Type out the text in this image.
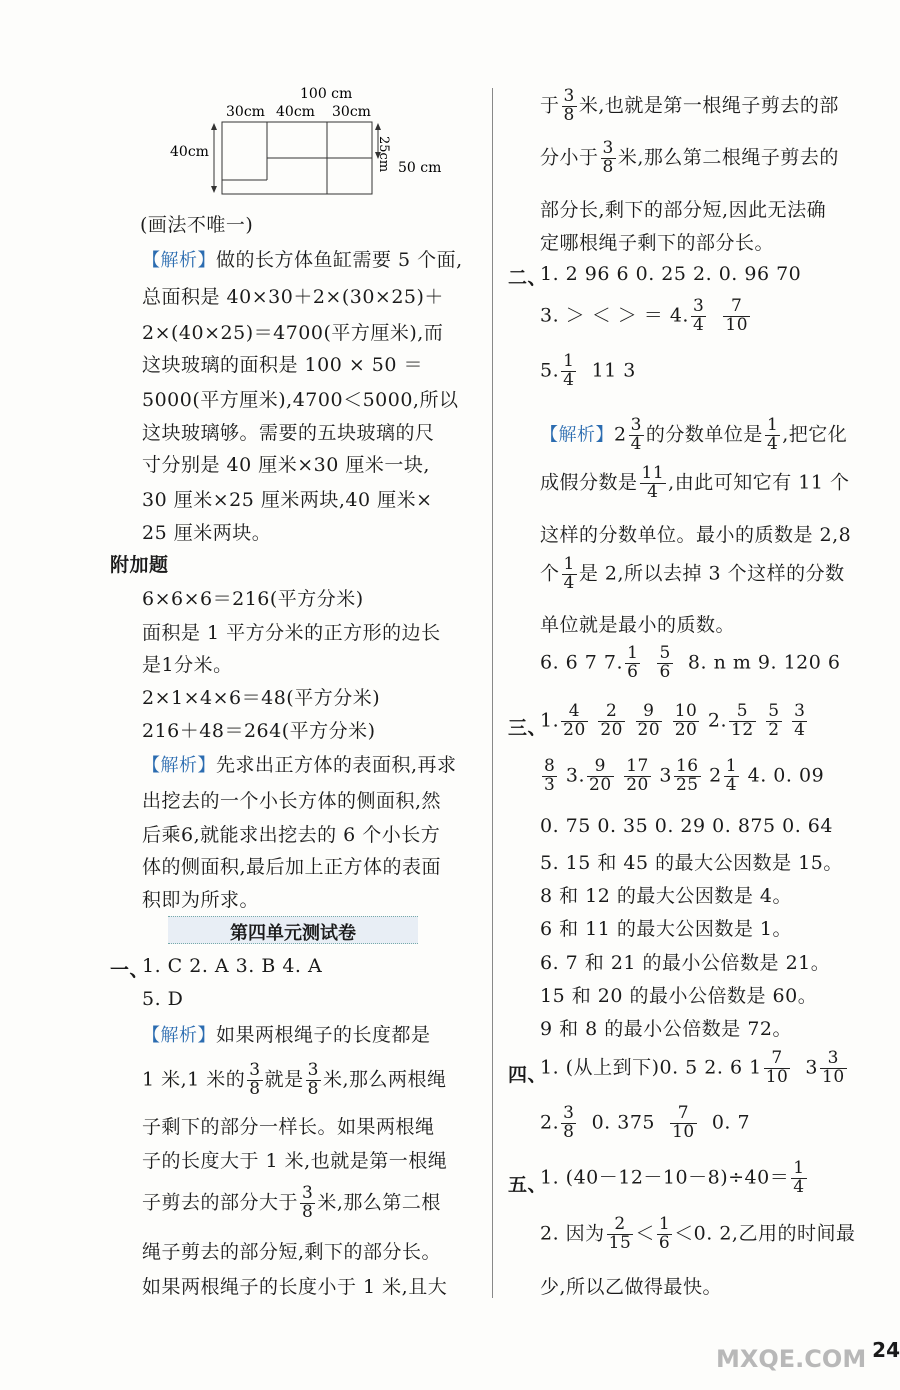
100 cm
30cm 40cm 30cm
40cm	25cm 50 cm
(画法不唯一)
【解析】做的长方体鱼缸需要 5 个面,
总面积是 40×30＋2×(30×25)＋
2×(40×25)＝4700(平方厘米),而
这块玻璃的面积是 100 × 50 ＝
5000(平方厘米),4700＜5000,所以
这块玻璃够。需要的五块玻璃的尺
寸分别是 40 厘米×30 厘米一块,
30 厘米×25 厘米两块,40 厘米×
25 厘米两块。
附加题
6×6×6＝216(平方分米)
面积是 1 平方分米的正方形的边长
是1分米。
2×1×4×6＝48(平方分米)
216＋48＝264(平方分米)
【解析】先求出正方体的表面积,再求
出挖去的一个小长方体的侧面积,然
后乘6,就能求出挖去的 6 个小长方
体的侧面积,最后加上正方体的表面
积即为所求。
第四单元测试卷
一、
1. C 2. A 3. B 4. A
5. D
【解析】如果两根绳子的长度都是
1 米,1 米的 $\frac{3}{8}$ 就是 $\frac{3}{8}$ 米,那么两根绳
子剩下的部分一样长。如果两根绳
子的长度大于 1 米,也就是第一根绳
子剪去的部分大于 $\frac{3}{8}$ 米,那么第二根
绳子剪去的部分短,剩下的部分长。
如果两根绳子的长度小于 1 米,且大
于 $\frac{3}{8}$ 米,也就是第一根绳子剪去的部
分小于 $\frac{3}{8}$ 米,那么第二根绳子剪去的
部分长,剩下的部分短,因此无法确
定哪根绳子剩下的部分长。
二、
1. 2 96 6 0. 25 2. 0. 96 70
3. ＞ ＜ ＞ ＝ 4. $\frac{3}{4}$
$\frac{7}{10}$
5. $\frac{1}{4} 11$ 3
【解析】$2 \frac{3}{4}$ 的分数单位是 $\frac{1}{4}$ ,把它化
成假分数是 $\frac{11}{4}$ ,由此可知它有 11 个
这样的分数单位。最小的质数是 2,8
个 $\frac{1}{4}$ 是 2,所以去掉 3 个这样的分数
单位就是最小的质数。
6. 6 7 7. $\frac{1}{6}$
$\frac{5}{6} 8$. n m 9. 120 6
三、
1. $\frac{4}{20}$
$\frac{2}{20}$
$\frac{9}{20}$
$\frac{10}{20} 2$. $\frac{5}{12}$
$\frac{5}{2}$
$\frac{3}{4}$
$\frac{8}{3} 3$. $\frac{9}{20}$
$\frac{17}{20} 3 \frac{16}{25} 2 \frac{1}{4} 4$. 0. 09
0. 75 0. 35 0. 29 0. 875 0. 64
5. 15 和 45 的最大公因数是 15。
8 和 12 的最大公因数是 4。
6 和 11 的最大公因数是 1。
6. 7 和 21 的最小公倍数是 21。
15 和 20 的最小公倍数是 60。
9 和 8 的最小公倍数是 72。
四、
1. (从上到下)0. 5 2. 6 $1 \frac{7}{10} 3 \frac{3}{10}$
2. $\frac{3}{8} 0$. $375 \frac{7}{10} 0$. 7
五、
1. $(40-12-10-8)\div 40= \frac{1}{4}$
2. 因为 $\frac{2}{15} < \frac{1}{6} <0$. 2,乙用的时间最
少,所以乙做得最快。
24
MXQE.COM
